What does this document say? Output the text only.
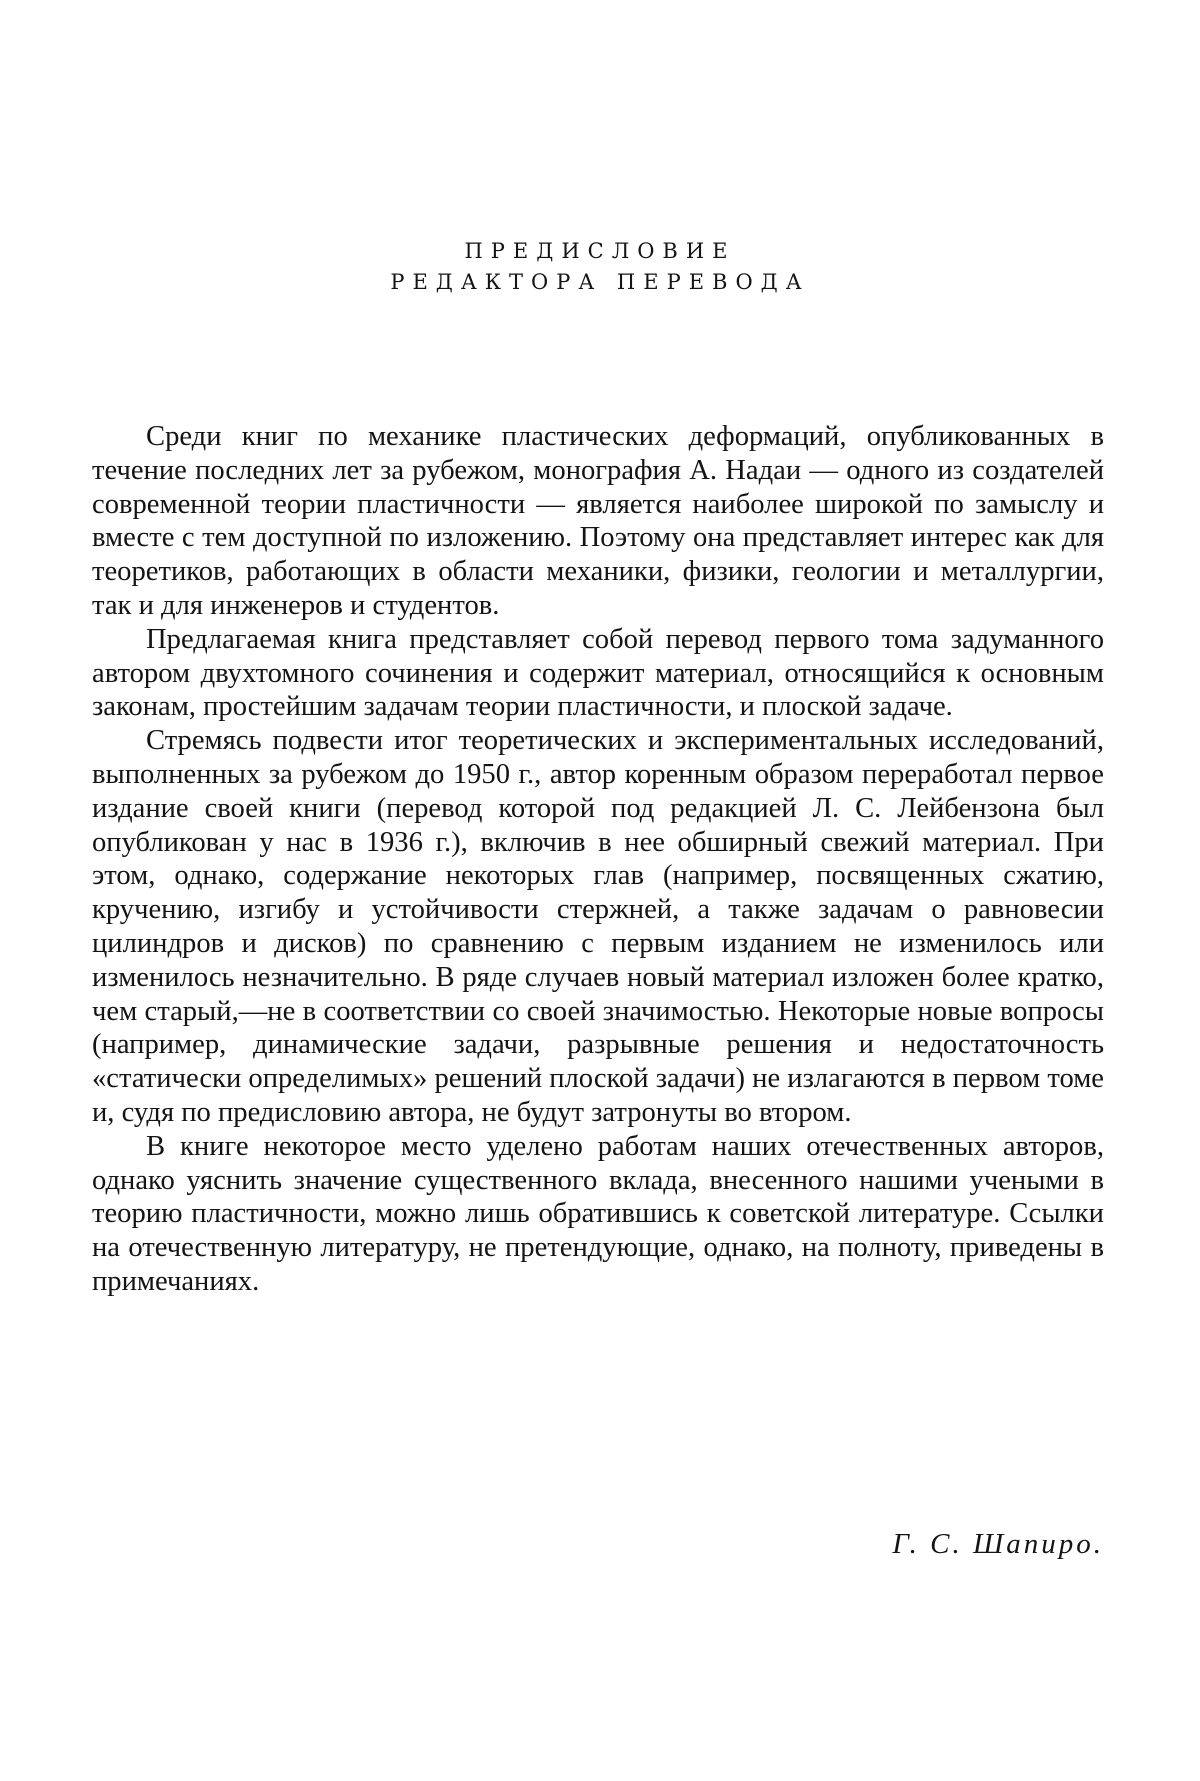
ПРЕДИСЛОВИЕ
РЕДАКТОРА ПЕРЕВОДА

Среди книг по механике пластических деформаций, опубликованных в течение последних лет за рубежом, монография А. Надаи — одного из создателей современной теории пластичности — является наиболее широкой по замыслу и вместе с тем доступной по изложению. Поэтому она представляет интерес как для теоретиков, работающих в области механики, физики, геологии и металлургии, так и для инженеров и студентов.

Предлагаемая книга представляет собой перевод первого тома задуманного автором двухтомного сочинения и содержит материал, относящийся к основным законам, простейшим задачам теории пластичности, и плоской задаче.

Стремясь подвести итог теоретических и экспериментальных исследований, выполненных за рубежом до 1950 г., автор коренным образом переработал первое издание своей книги (перевод которой под редакцией Л. С. Лейбензона был опубликован у нас в 1936 г.), включив в нее обширный свежий материал. При этом, однако, содержание некоторых глав (например, посвященных сжатию, кручению, изгибу и устойчивости стержней, а также задачам о равновесии цилиндров и дисков) по сравнению с первым изданием не изменилось или изменилось незначительно. В ряде случаев новый материал изложен более кратко, чем старый,—не в соответствии со своей значимостью. Некоторые новые вопросы (например, динамические задачи, разрывные решения и недостаточность «статически определимых» решений плоской задачи) не излагаются в первом томе и, судя по предисловию автора, не будут затронуты во втором.

В книге некоторое место уделено работам наших отечественных авторов, однако уяснить значение существенного вклада, внесенного нашими учеными в теорию пластичности, можно лишь обратившись к советской литературе. Ссылки на отечественную литературу, не претендующие, однако, на полноту, приведены в примечаниях.

Г. С. Шапиро.
